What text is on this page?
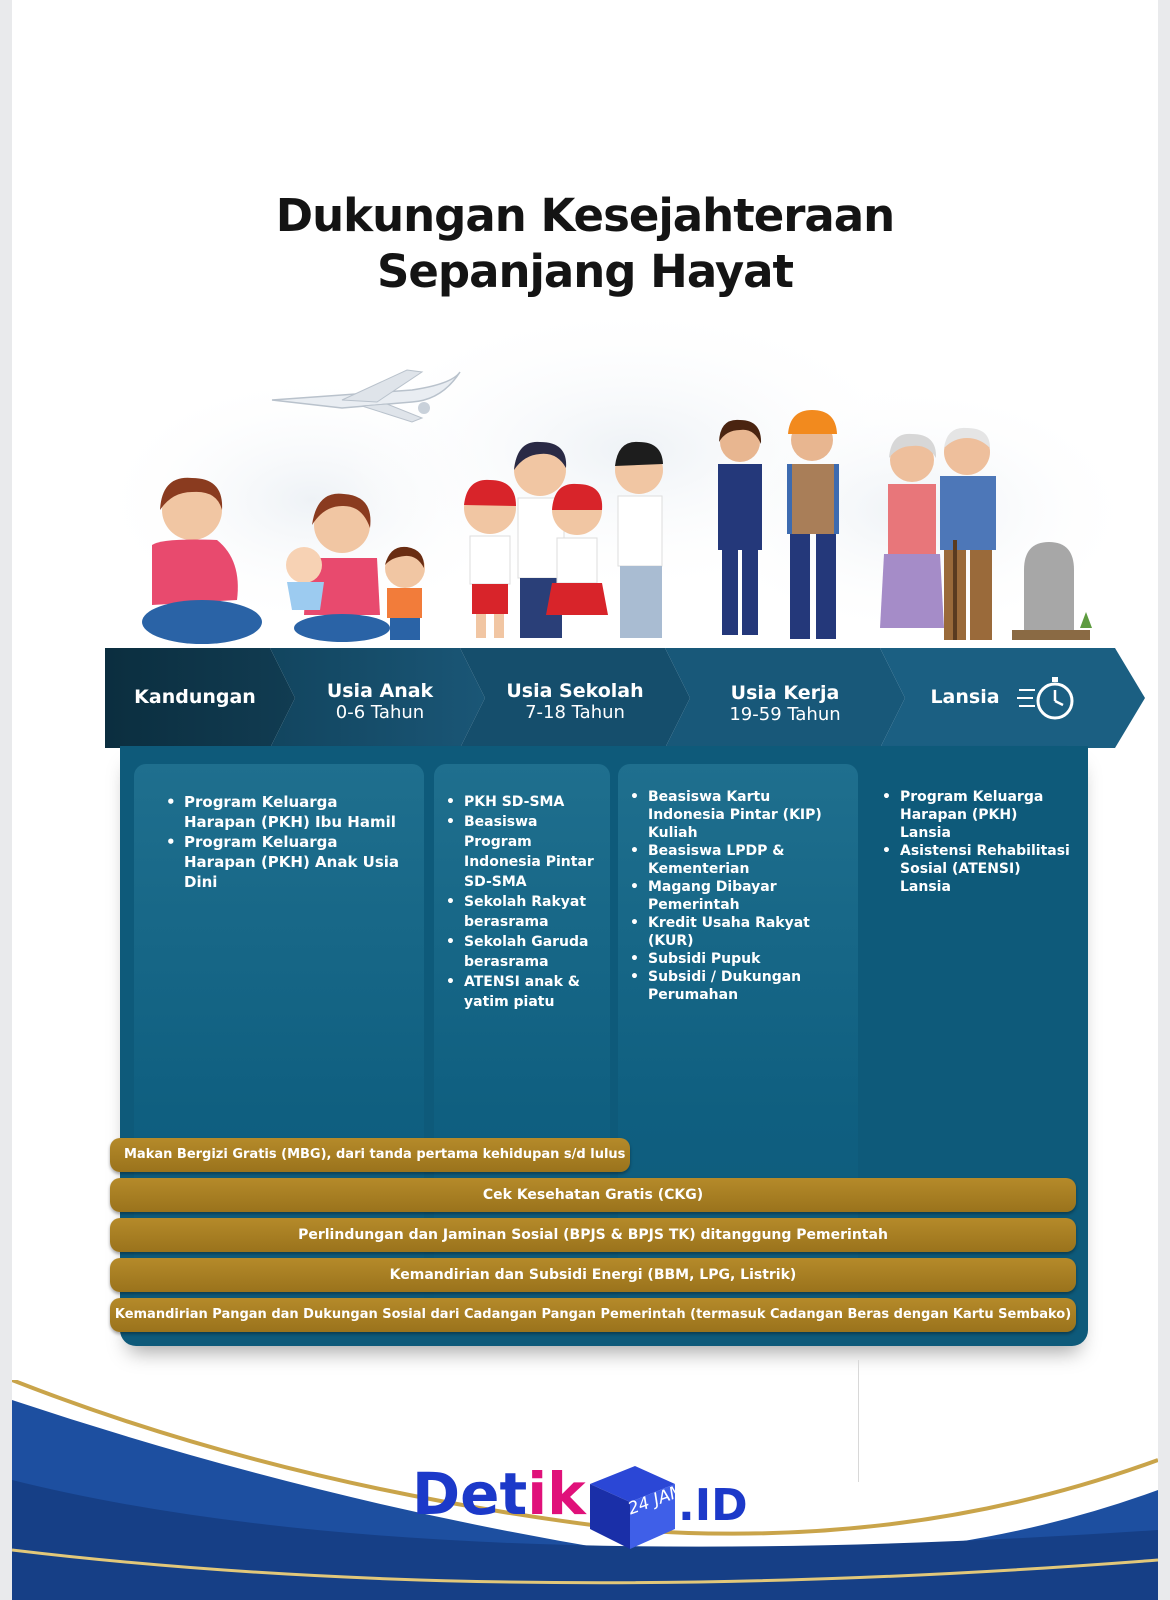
Dukungan Kesejahteraan
Sepanjang Hayat
Kandungan	Usia Anak
0-6 Tahun
Usia Sekolah
7-18 Tahun
Usia Kerja
19-59 Tahun
Lansia
• Program Keluarga Harapan (PKH) Ibu Hamil
• Program Keluarga Harapan (PKH) Anak Usia Dini
• PKH SD-SMA
• Beasiswa Program Indonesia Pintar SD-SMA
• Sekolah Rakyat berasrama
• Sekolah Garuda berasrama
• ATENSI anak & yatim piatu
• Beasiswa Kartu Indonesia Pintar (KIP) Kuliah
• Beasiswa LPDP & Kementerian
• Magang Dibayar Pemerintah
• Kredit Usaha Rakyat (KUR)
• Subsidi Pupuk
• Subsidi / Dukungan Perumahan
• Program Keluarga Harapan (PKH) Lansia
• Asistensi Rehabilitasi Sosial (ATENSI) Lansia
Makan Bergizi Gratis (MBG), dari tanda pertama kehidupan s/d lulus
Cek Kesehatan Gratis (CKG)
Perlindungan dan Jaminan Sosial (BPJS & BPJS TK) ditanggung Pemerintah
Kemandirian dan Subsidi Energi (BBM, LPG, Listrik)
Kemandirian Pangan dan Dukungan Sosial dari Cadangan Pangan Pemerintah (termasuk Cadangan Beras dengan Kartu Sembako)
Detik 24 JAM
.ID
